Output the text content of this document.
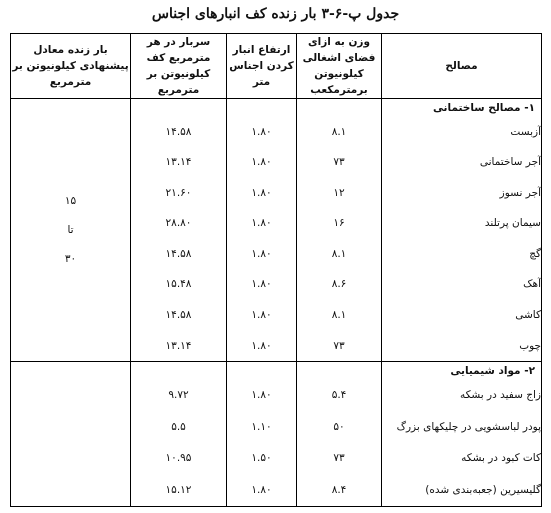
جدول پ-۶-۳ بار زنده کف انبارهای اجناس
مصالح	وزن به ازای فضای اشغالی کیلونیوتن برمترمکعب	ارتفاع انبار کردن اجناس متر	سربار در هر مترمربع کف کیلونیوتن بر مترمربع	بار زنده معادل پیشنهادی کیلونیوتن بر مترمربع
۱- مصالح ساختمانی				۱۵
تا
۳۰

آزبست	۸.۱	۱.۸۰	۱۴.۵۸	
آجر ساختمانی	۷۳	۱.۸۰	۱۳.۱۴	
آجر نسوز	۱۲	۱.۸۰	۲۱.۶۰	
سیمان پرتلند	۱۶	۱.۸۰	۲۸.۸۰	
گچ	۸.۱	۱.۸۰	۱۴.۵۸	
آهک	۸.۶	۱.۸۰	۱۵.۴۸	
کاشی	۸.۱	۱.۸۰	۱۴.۵۸	
چوب	۷۳	۱.۸۰	۱۳.۱۴	
۲- مواد شیمیایی				
زاج سفید در بشکه	۵.۴	۱.۸۰	۹.۷۲	
پودر لباسشویی در چلیکهای بزرگ	۵۰	۱.۱۰	۵.۵	
کات کبود در بشکه	۷۳	۱.۵۰	۱۰.۹۵	
گلیسیرین (جعبه‌بندی شده)	۸.۴	۱.۸۰	۱۵.۱۲	
